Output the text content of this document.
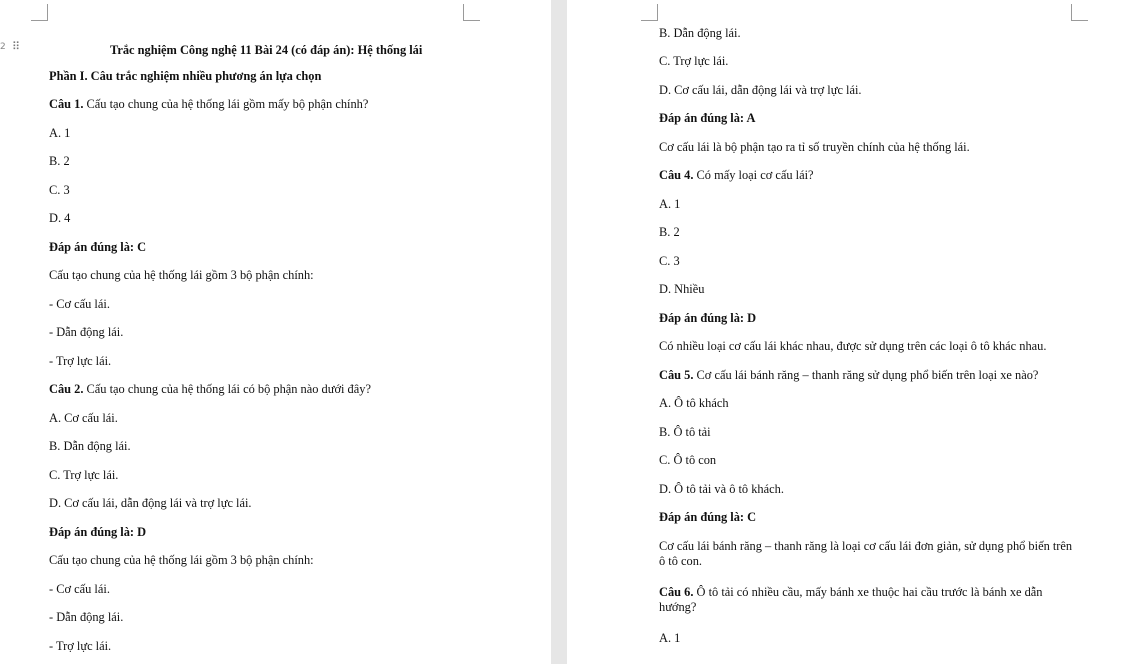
2 ⠿	Trắc nghiệm Công nghệ 11 Bài 24 (có đáp án): Hệ thống lái
Phần I. Câu trắc nghiệm nhiều phương án lựa chọn
Câu 1. Cấu tạo chung của hệ thống lái gồm mấy bộ phận chính?
A. 1
B. 2
C. 3
D. 4
Đáp án đúng là: C
Cấu tạo chung của hệ thống lái gồm 3 bộ phận chính:
- Cơ cấu lái.
- Dẫn động lái.
- Trợ lực lái.
Câu 2. Cấu tạo chung của hệ thống lái có bộ phận nào dưới đây?
A. Cơ cấu lái.
B. Dẫn động lái.
C. Trợ lực lái.
D. Cơ cấu lái, dẫn động lái và trợ lực lái.
Đáp án đúng là: D
Cấu tạo chung của hệ thống lái gồm 3 bộ phận chính:
- Cơ cấu lái.
- Dẫn động lái.
- Trợ lực lái.
B. Dẫn động lái.
C. Trợ lực lái.
D. Cơ cấu lái, dẫn động lái và trợ lực lái.
Đáp án đúng là: A
Cơ cấu lái là bộ phận tạo ra tỉ số truyền chính của hệ thống lái.
Câu 4. Có mấy loại cơ cấu lái?
A. 1
B. 2
C. 3
D. Nhiều
Đáp án đúng là: D
Có nhiều loại cơ cấu lái khác nhau, được sử dụng trên các loại ô tô khác nhau.
Câu 5. Cơ cấu lái bánh răng – thanh răng sử dụng phổ biến trên loại xe nào?
A. Ô tô khách
B. Ô tô tải
C. Ô tô con
D. Ô tô tải và ô tô khách.
Đáp án đúng là: C
Cơ cấu lái bánh răng – thanh răng là loại cơ cấu lái đơn giản, sử dụng phổ biến trên ô tô con.
Câu 6. Ô tô tải có nhiều cầu, mấy bánh xe thuộc hai cầu trước là bánh xe dẫn hướng?
A. 1
